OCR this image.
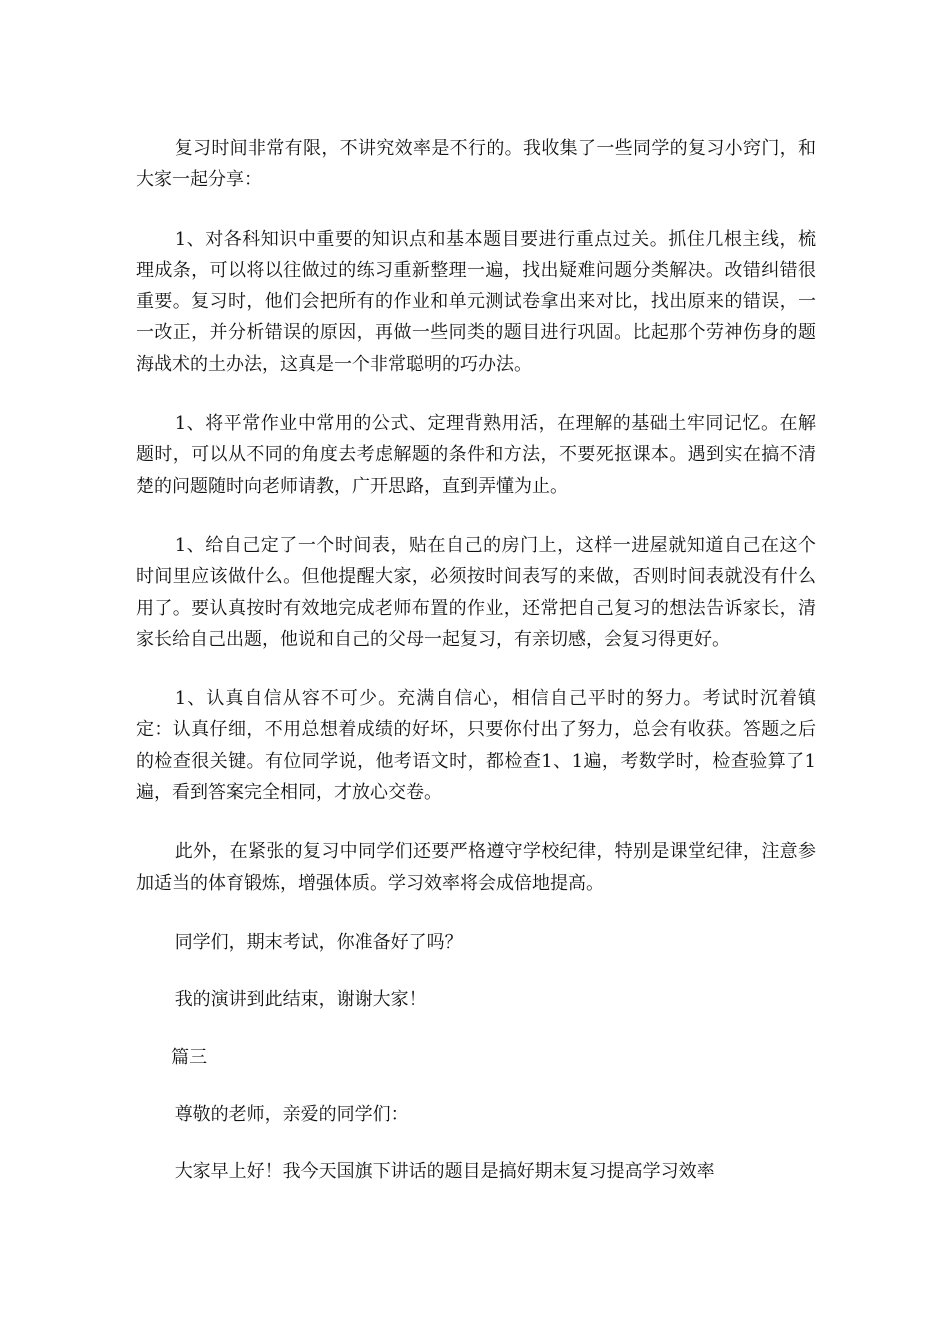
复习时间非常有限，不讲究效率是不行的。我收集了一些同学的复习小窍门，和大家一起分享：

1、对各科知识中重要的知识点和基本题目要进行重点过关。抓住几根主线，梳理成条，可以将以往做过的练习重新整理一遍，找出疑难问题分类解决。改错纠错很重要。复习时，他们会把所有的作业和单元测试卷拿出来对比，找出原来的错误，一一改正，并分析错误的原因，再做一些同类的题目进行巩固。比起那个劳神伤身的题海战术的土办法，这真是一个非常聪明的巧办法。

1、将平常作业中常用的公式、定理背熟用活，在理解的基础土牢同记忆。在解题时，可以从不同的角度去考虑解题的条件和方法，不要死抠课本。遇到实在搞不清楚的问题随时向老师请教，广开思路，直到弄懂为止。

1、给自己定了一个时间表，贴在自己的房门上，这样一进屋就知道自己在这个时间里应该做什么。但他提醒大家，必须按时间表写的来做，否则时间表就没有什么用了。要认真按时有效地完成老师布置的作业，还常把自己复习的想法告诉家长，清家长给自己出题，他说和自己的父母一起复习，有亲切感，会复习得更好。

1、认真自信从容不可少。充满自信心，相信自己平时的努力。考试时沉着镇定：认真仔细，不用总想着成绩的好坏，只要你付出了努力，总会有收获。答题之后的检查很关键。有位同学说，他考语文时，都检查1、1遍，考数学时，检查验算了1遍，看到答案完全相同，才放心交卷。

此外，在紧张的复习中同学们还要严格遵守学校纪律，特别是课堂纪律，注意参加适当的体育锻炼，增强体质。学习效率将会成倍地提高。

同学们，期末考试，你准备好了吗？

我的演讲到此结束，谢谢大家！

篇三

尊敬的老师，亲爱的同学们：

大家早上好！我今天国旗下讲话的题目是搞好期末复习提高学习效率
